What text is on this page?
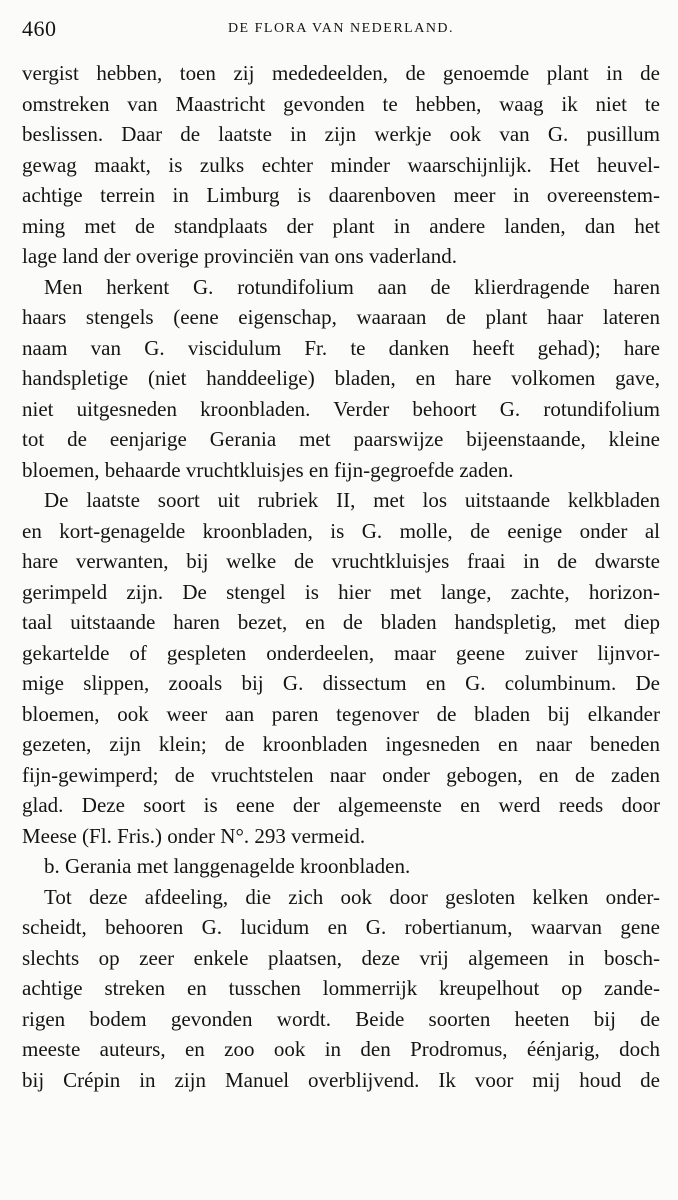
460	DE FLORA VAN NEDERLAND.
vergist hebben, toen zij mededeelden, de genoemde plant in de
omstreken van Maastricht gevonden te hebben, waag ik niet te
beslissen. Daar de laatste in zijn werkje ook van G. pusillum
gewag maakt, is zulks echter minder waarschijnlijk. Het heuvel-
achtige terrein in Limburg is daarenboven meer in overeenstem-
ming met de standplaats der plant in andere landen, dan het
lage land der overige provinciën van ons vaderland.
Men herkent G. rotundifolium aan de klierdragende haren
haars stengels (eene eigenschap, waaraan de plant haar lateren
naam van G. viscidulum Fr. te danken heeft gehad); hare
handspletige (niet handdeelige) bladen, en hare volkomen gave,
niet uitgesneden kroonbladen. Verder behoort G. rotundifolium
tot de eenjarige Gerania met paarswijze bijeenstaande, kleine
bloemen, behaarde vruchtkluisjes en fijn-gegroefde zaden.
De laatste soort uit rubriek II, met los uitstaande kelkbladen
en kort-genagelde kroonbladen, is G. molle, de eenige onder al
hare verwanten, bij welke de vruchtkluisjes fraai in de dwarste
gerimpeld zijn. De stengel is hier met lange, zachte, horizon-
taal uitstaande haren bezet, en de bladen handspletig, met diep
gekartelde of gespleten onderdeelen, maar geene zuiver lijnvor-
mige slippen, zooals bij G. dissectum en G. columbinum. De
bloemen, ook weer aan paren tegenover de bladen bij elkander
gezeten, zijn klein; de kroonbladen ingesneden en naar beneden
fijn-gewimperd; de vruchtstelen naar onder gebogen, en de zaden
glad. Deze soort is eene der algemeenste en werd reeds door
Meese (Fl. Fris.) onder N°. 293 vermeid.
b. Gerania met langgenagelde kroonbladen.
Tot deze afdeeling, die zich ook door gesloten kelken onder-
scheidt, behooren G. lucidum en G. robertianum, waarvan gene
slechts op zeer enkele plaatsen, deze vrij algemeen in bosch-
achtige streken en tusschen lommerrijk kreupelhout op zande-
rigen bodem gevonden wordt. Beide soorten heeten bij de
meeste auteurs, en zoo ook in den Prodromus, éénjarig, doch
bij Crépin in zijn Manuel overblijvend. Ik voor mij houd de
